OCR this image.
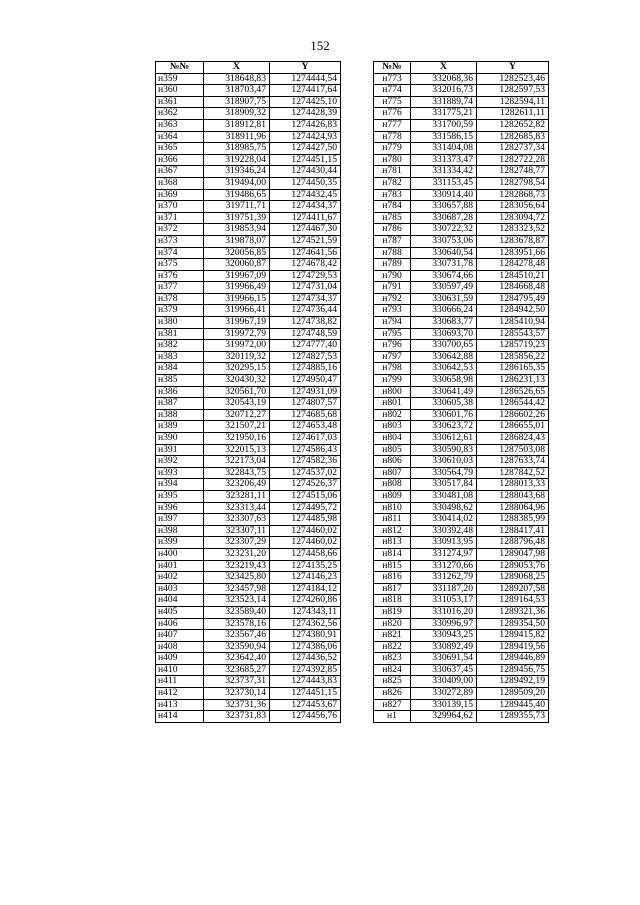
152
№№	X	Y
н359	318648,83	1274444,54
н360	318703,47	1274417,64
н361	318907,75	1274425,10
н362	318909,32	1274428,39
н363	318912,81	1274426,83
н364	318911,96	1274424,93
н365	318985,75	1274427,50
н366	319228,04	1274451,15
н367	319346,24	1274430,44
н368	319494,00	1274450,35
н369	319486,65	1274432,45
н370	319711,71	1274434,37
н371	319751,39	1274411,67
н372	319853,94	1274467,30
н373	319878,07	1274521,59
н374	320056,85	1274641,56
н375	320060,87	1274678,42
н376	319967,09	1274729,53
н377	319966,49	1274731,04
н378	319966,15	1274734,37
н379	319966,41	1274736,44
н380	319967,19	1274738,82
н381	319972,79	1274748,59
н382	319972,00	1274777,40
н383	320119,32	1274827,53
н384	320295,15	1274885,16
н385	320430,32	1274950,47
н386	320561,70	1274931,09
н387	320543,19	1274807,57
н388	320712,27	1274685,68
н389	321507,21	1274653,48
н390	321950,16	1274617,03
н391	322015,13	1274586,43
н392	322173,04	1274582,36
н393	322843,75	1274537,02
н394	323206,49	1274526,37
н395	323281,11	1274515,06
н396	323313,44	1274495,72
н397	323307,63	1274485,98
н398	323307,11	1274460,02
н399	323307,29	1274460,02
н400	323231,20	1274458,66
н401	323219,43	1274135,25
н402	323425,80	1274146,23
н403	323457,98	1274184,12
н404	323523,14	1274260,86
н405	323589,40	1274343,11
н406	323578,16	1274362,56
н407	323567,46	1274380,91
н408	323590,94	1274386,06
н409	323642,40	1274436,52
н410	323685,27	1274392,85
н411	323737,31	1274443,83
н412	323730,14	1274451,15
н413	323731,36	1274453,67
н414	323731,83	1274456,76
№№	X	Y
н773	332068,36	1282523,46
н774	332016,73	1282597,53
н775	331889,74	1282594,11
н776	331775,21	1282611,11
н777	331700,59	1282652,82
н778	331586,15	1282685,83
н779	331404,08	1282737,34
н780	331373,47	1282722,28
н781	331334,42	1282748,77
н782	331153,45	1282798,54
н783	330914,40	1282868,73
н784	330657,88	1283056,64
н785	330687,28	1283094,72
н786	330722,32	1283323,52
н787	330753,06	1283678,87
н788	330640,54	1283951,66
н789	330731,78	1284278,48
н790	330674,66	1284510,21
н791	330597,49	1284668,48
н792	330631,59	1284795,49
н793	330666,24	1284942,50
н794	330683,77	1285410,94
н795	330693,70	1285543,57
н796	330700,65	1285719,23
н797	330642,88	1285856,22
н798	330642,53	1286165,35
н799	330658,98	1286231,13
н800	330641,49	1286526,65
н801	330605,38	1286544,42
н802	330601,76	1286602,26
н803	330623,72	1286655,01
н804	330612,61	1286824,43
н805	330590,83	1287503,08
н806	330610,03	1287633,74
н807	330564,79	1287842,52
н808	330517,84	1288013,33
н809	330481,08	1288043,68
н810	330498,62	1288064,96
н811	330414,02	1288385,99
н812	330392,48	1288417,41
н813	330913,95	1288796,48
н814	331274,97	1289047,98
н815	331270,66	1289053,76
н816	331262,79	1289068,25
н817	331187,20	1289207,58
н818	331053,17	1289164,53
н819	331016,20	1289321,36
н820	330996,97	1289354,50
н821	330943,25	1289415,82
н822	330892,49	1289419,56
н823	330691,54	1289446,89
н824	330637,45	1289456,75
н825	330409,00	1289492,19
н826	330272,89	1289509,20
н827	330139,15	1289445,40
н1	329964,62	1289355,73
